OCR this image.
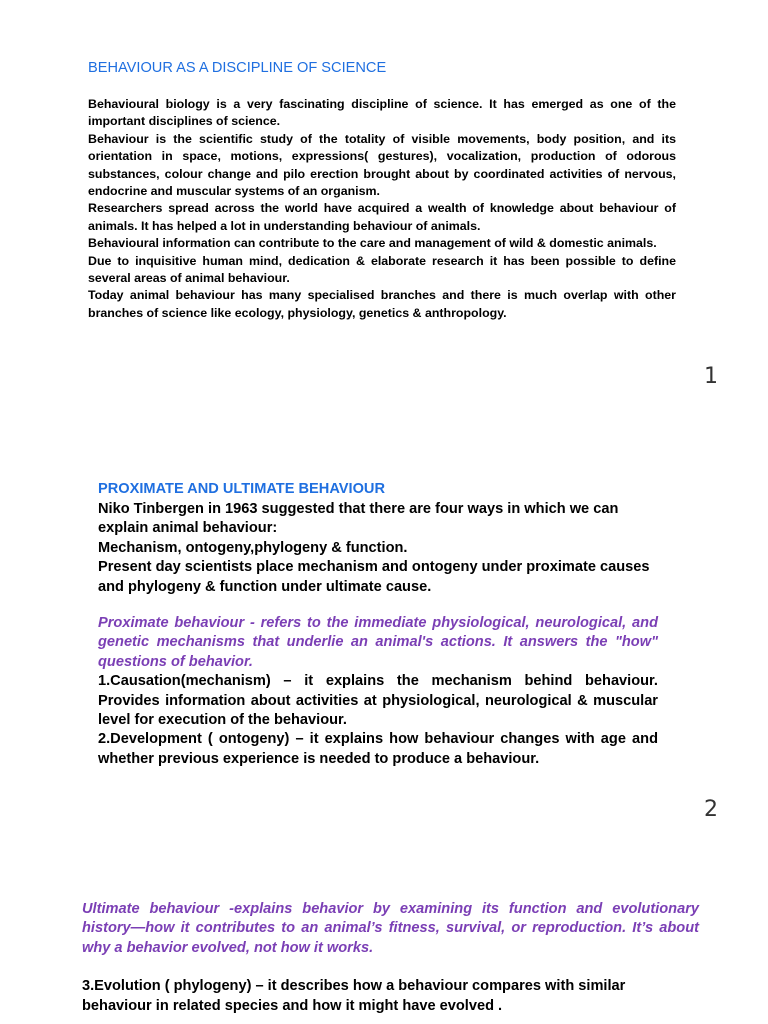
BEHAVIOUR AS A DISCIPLINE OF SCIENCE

Behavioural biology is a very fascinating discipline of science. It has emerged as one of the important disciplines of science.

Behaviour is the scientific study of the totality of visible movements, body position, and its orientation in space, motions, expressions( gestures), vocalization, production of odorous substances, colour change and pilo erection brought about by coordinated activities of nervous, endocrine and muscular systems of an organism.

Researchers spread across the world have acquired a wealth of knowledge about behaviour of animals. It has helped a lot in understanding behaviour of animals.

Behavioural information can contribute to the care and management of wild & domestic animals.

Due to inquisitive human mind, dedication & elaborate research it has been possible to define several areas of animal behaviour.

Today animal behaviour has many specialised branches and there is much overlap with other branches of science like ecology, physiology, genetics & anthropology.

1
PROXIMATE AND ULTIMATE BEHAVIOUR

Niko Tinbergen in 1963 suggested that there are four ways in which we can explain animal behaviour:

Mechanism, ontogeny,phylogeny & function.

Present day scientists place mechanism and ontogeny under proximate causes and phylogeny & function under ultimate cause.

Proximate behaviour - refers to the immediate physiological, neurological, and genetic mechanisms that underlie an animal's actions. It answers the "how" questions of behavior.

1.Causation(mechanism) – it explains the mechanism behind behaviour. Provides information about activities at physiological, neurological & muscular level for execution of the behaviour.

2.Development ( ontogeny) – it explains how behaviour changes with age and whether previous experience is needed to produce a behaviour.

2

Ultimate behaviour -explains behavior by examining its function and evolutionary history—how it contributes to an animal’s fitness, survival, or reproduction. It’s about why a behavior evolved, not how it works.

3.Evolution ( phylogeny) – it describes how a behaviour compares with similar behaviour in related species and how it might have evolved .
